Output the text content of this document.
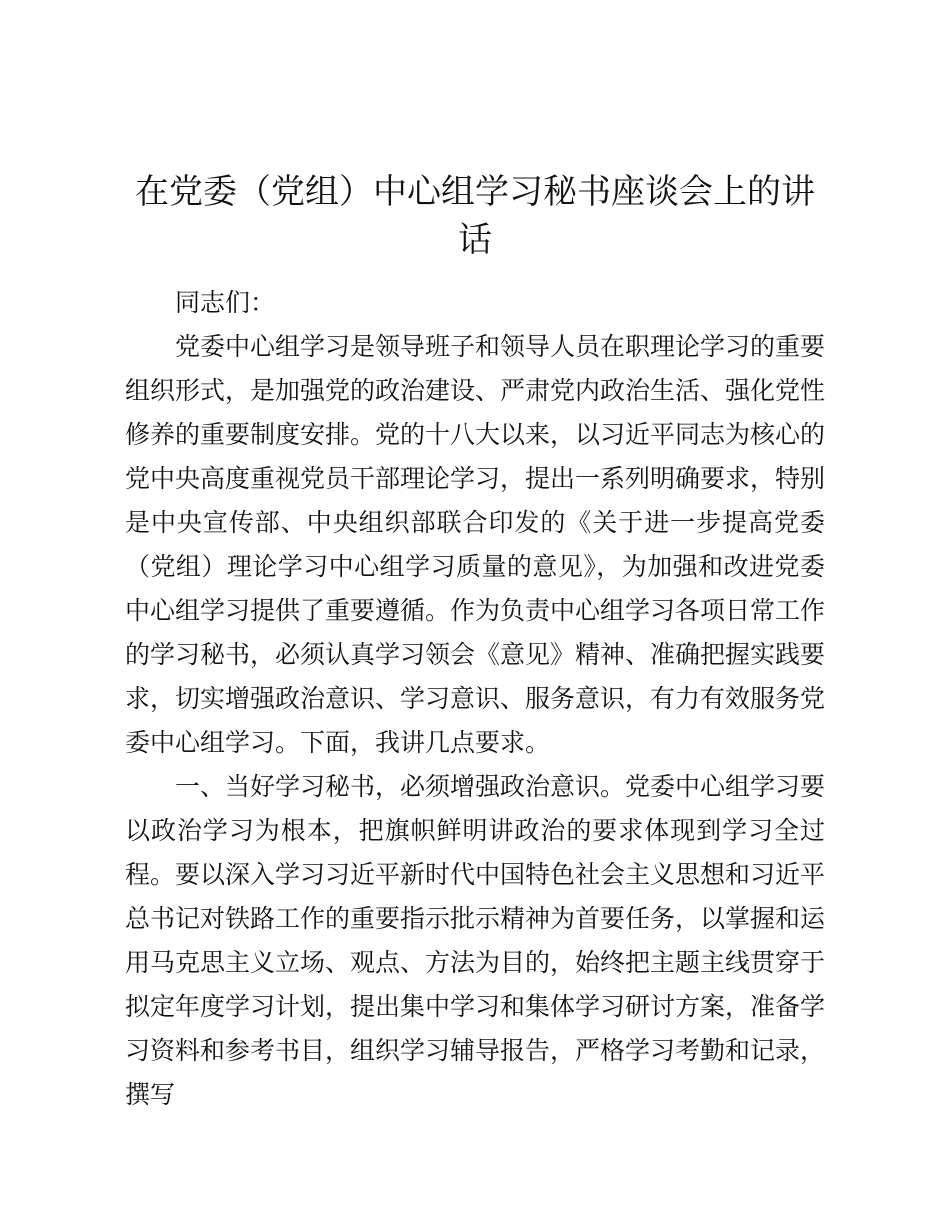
在党委（党组）中心组学习秘书座谈会上的讲话

同志们：

党委中心组学习是领导班子和领导人员在职理论学习的重要组织形式，是加强党的政治建设、严肃党内政治生活、强化党性修养的重要制度安排。党的十八大以来，以习近平同志为核心的党中央高度重视党员干部理论学习，提出一系列明确要求，特别是中央宣传部、中央组织部联合印发的《关于进一步提高党委（党组）理论学习中心组学习质量的意见》，为加强和改进党委中心组学习提供了重要遵循。作为负责中心组学习各项日常工作的学习秘书，必须认真学习领会《意见》精神、准确把握实践要求，切实增强政治意识、学习意识、服务意识，有力有效服务党委中心组学习。下面，我讲几点要求。

一、当好学习秘书，必须增强政治意识。党委中心组学习要以政治学习为根本，把旗帜鲜明讲政治的要求体现到学习全过程。要以深入学习习近平新时代中国特色社会主义思想和习近平总书记对铁路工作的重要指示批示精神为首要任务，以掌握和运用马克思主义立场、观点、方法为目的，始终把主题主线贯穿于拟定年度学习计划，提出集中学习和集体学习研讨方案，准备学习资料和参考书目，组织学习辅导报告，严格学习考勤和记录，撰写
